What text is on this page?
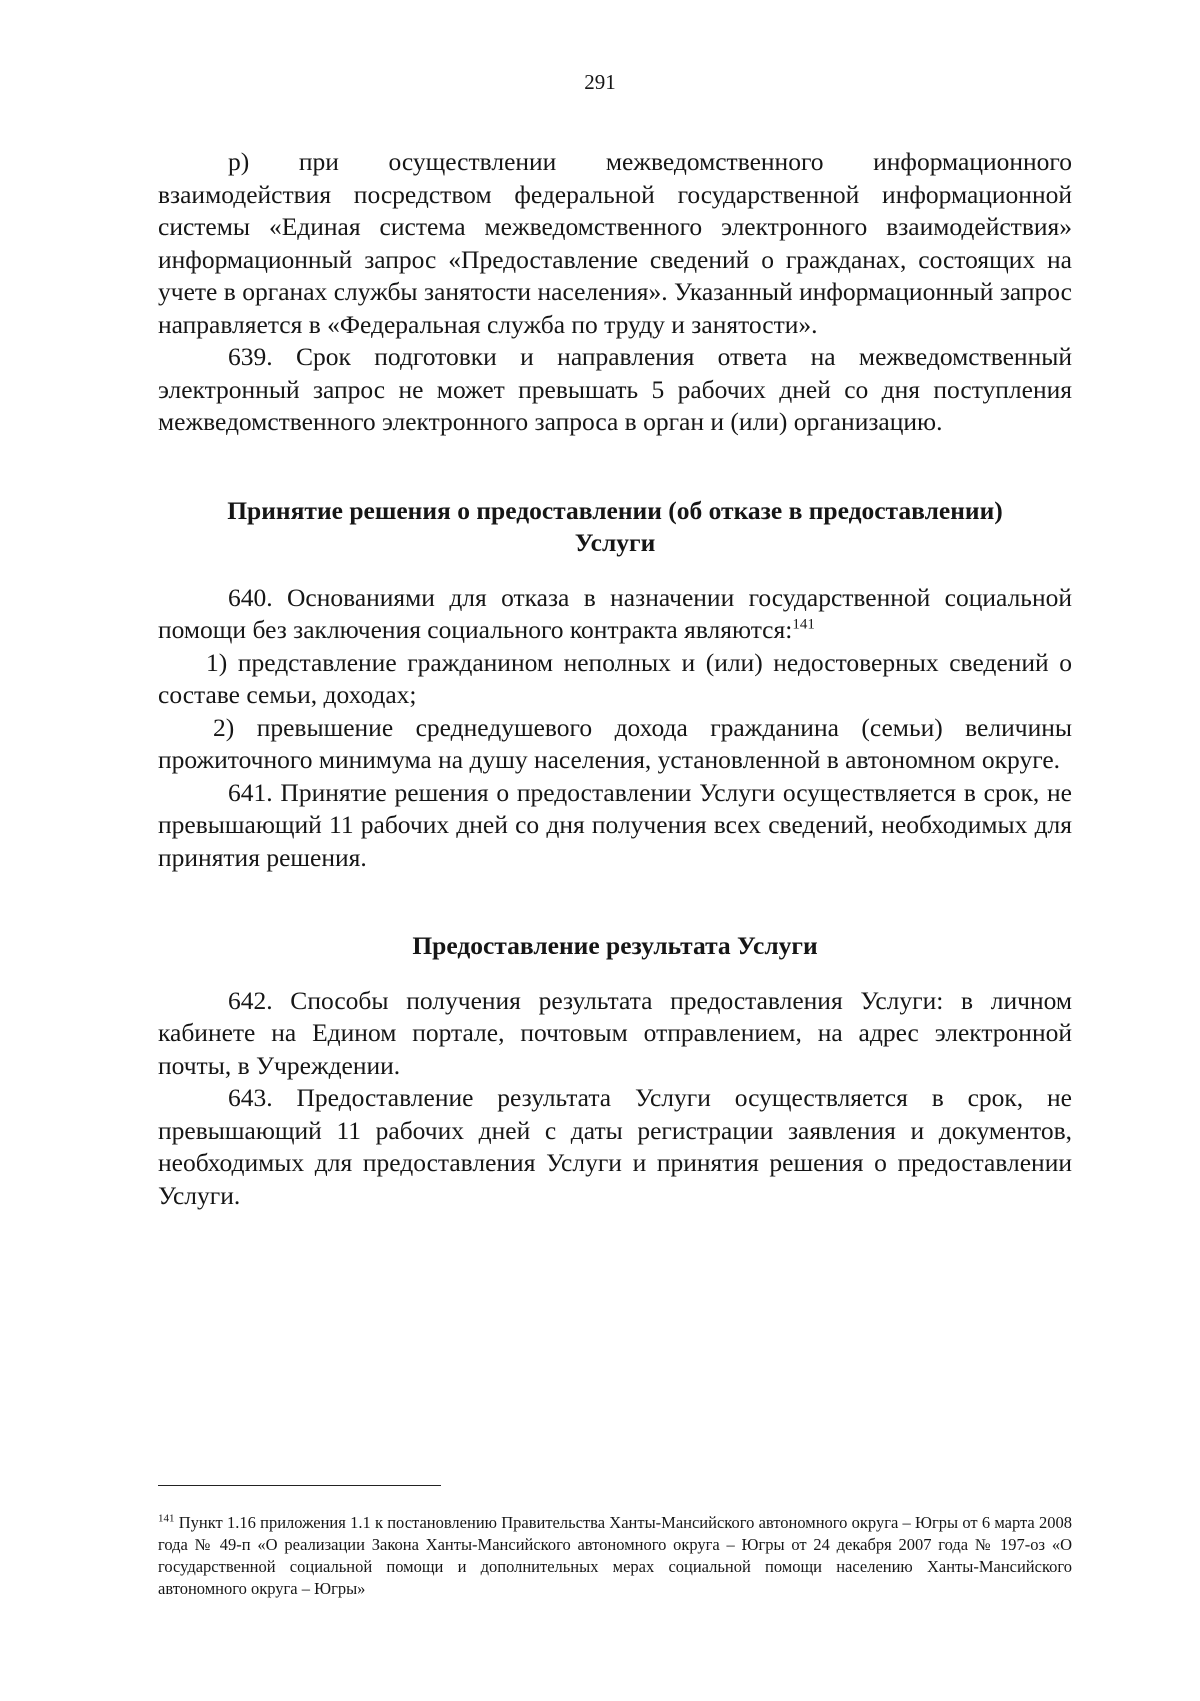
291

р) при осуществлении межведомственного информационного взаимодействия посредством федеральной государственной информационной системы «Единая система межведомственного электронного взаимодействия» информационный запрос «Предоставление сведений о гражданах, состоящих на учете в органах службы занятости населения». Указанный информационный запрос направляется в «Федеральная служба по труду и занятости».

639. Срок подготовки и направления ответа на межведомственный электронный запрос не может превышать 5 рабочих дней со дня поступления межведомственного электронного запроса в орган и (или) организацию.

Принятие решения о предоставлении (об отказе в предоставлении)
Услуги

640. Основаниями для отказа в назначении государственной социальной помощи без заключения социального контракта являются:$^{141}$

1) представление гражданином неполных и (или) недостоверных сведений о составе семьи, доходах;

2) превышение среднедушевого дохода гражданина (семьи) величины прожиточного минимума на душу населения, установленной в автономном округе.

641. Принятие решения о предоставлении Услуги осуществляется в срок, не превышающий 11 рабочих дней со дня получения всех сведений, необходимых для принятия решения.

Предоставление результата Услуги

642. Способы получения результата предоставления Услуги: в личном кабинете на Едином портале, почтовым отправлением, на адрес электронной почты, в Учреждении.

643. Предоставление результата Услуги осуществляется в срок, не превышающий 11 рабочих дней с даты регистрации заявления и документов, необходимых для предоставления Услуги и принятия решения о предоставлении Услуги.

$^{141}$ Пункт 1.16 приложения 1.1 к постановлению Правительства Ханты-Мансийского автономного округа – Югры от 6 марта 2008 года № 49-п «О реализации Закона Ханты-Мансийского автономного округа – Югры от 24 декабря 2007 года № 197-оз «О государственной социальной помощи и дополнительных мерах социальной помощи населению Ханты-Мансийского автономного округа – Югры»
